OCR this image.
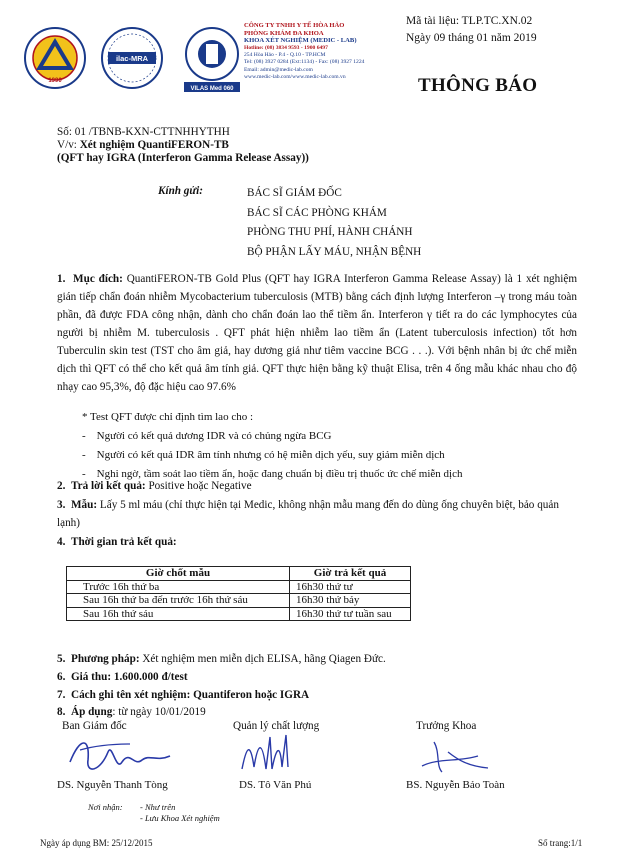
1990
ilac-MRA
VILAS Med 060
CÔNG TY TNHH Y TẾ HÒA HẢO
PHÒNG KHÁM ĐA KHOA
KHOA XÉT NGHIỆM (MEDIC - LAB)
Hotline: (08) 3834 9593 - 1900 6497
254 Hòa Hảo - P.4 - Q.10 - TP.HCM
Tel: (08) 3927 0284 (Ext:1134) - Fax: (08) 3927 1224
Email: admin@medic-lab.com
www.medic-lab.com/www.medic-lab.com.vn
Mã tài liệu: TLP.TC.XN.02
Ngày 09 tháng 01 năm 2019
THÔNG BÁO
Số: 01 /TBNB-KXN-CTTNHHYTHH
V/v: Xét nghiệm QuantiFERON-TB
(QFT hay IGRA (Interferon Gamma Release Assay))
Kính gửi:	BÁC SĨ GIÁM ĐỐC
BÁC SĨ CÁC PHÒNG KHÁM
PHÒNG THU PHÍ, HÀNH CHÁNH
BỘ PHẬN LẤY MÁU, NHẬN BỆNH
1. Mục đích: QuantiFERON-TB Gold Plus (QFT hay IGRA Interferon Gamma Release Assay) là 1 xét nghiệm gián tiếp chẩn đoán nhiễm Mycobacterium tuberculosis (MTB) bằng cách định lượng Interferon –γ trong máu toàn phần, đã được FDA công nhận, dành cho chẩn đoán lao thể tiềm ẩn. Interferon γ tiết ra do các lymphocytes của người bị nhiễm M. tuberculosis . QFT phát hiện nhiễm lao tiềm ẩn (Latent tuberculosis infection) tốt hơn Tuberculin skin test (TST cho âm giả, hay dương giả như tiêm vaccine BCG . . .). Với bệnh nhân bị ức chế miễn dịch thì QFT có thể cho kết quả âm tính giả. QFT thực hiện bằng kỹ thuật Elisa, trên 4 ống mẫu khác nhau cho độ nhạy cao 95,3%, độ đặc hiệu cao 97.6%
* Test QFT được chỉ định tìm lao cho :
-    Người có kết quả dương IDR và có chủng ngừa BCG
-    Người có kết quả IDR âm tính nhưng có hệ miễn dịch yếu, suy giảm miễn dịch
-    Nghi ngờ, tầm soát lao tiềm ẩn, hoặc đang chuẩn bị điều trị thuốc ức chế miễn dịch
2. Trả lời kết quả: Positive hoặc Negative
3. Mẫu: Lấy 5 ml máu (chỉ thực hiện tại Medic, không nhận mẫu mang đến do dùng ống chuyên biệt, bảo quản lạnh)
4. Thời gian trả kết quả:
Giờ chốt mẫu	Giờ trả kết quả
Trước 16h thứ ba	16h30 thứ tư
Sau 16h thứ ba đến trước 16h thứ sáu	16h30 thứ bảy
Sau 16h thứ sáu	16h30 thứ tư tuần sau
5. Phương pháp: Xét nghiệm men miễn dịch ELISA, hãng Qiagen Đức.
6. Giá thu: 1.600.000 đ/test
7. Cách ghi tên xét nghiệm: Quantiferon hoặc IGRA
8. Áp dụng: từ ngày 10/01/2019
Ban Giám đốc	Quản lý chất lượng	Trưởng Khoa
DS. Nguyễn Thanh Tòng	DS. Tô Văn Phú	BS. Nguyễn Bảo Toàn
Nơi nhận: - Như trên
- Lưu Khoa Xét nghiệm
Ngày áp dụng BM: 25/12/2015	Số trang:1/1
